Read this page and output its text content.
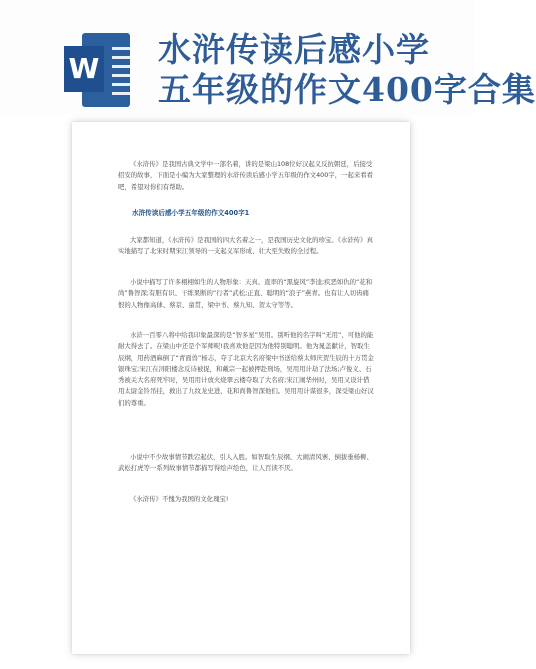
W 水浒传读后感小学
五年级的作文400字合集

《水浒传》是我国古典文学中一部名着，讲的是梁山108位好汉起义反抗朝廷，后接受招安的故事，下面是小编为大家整理的水浒传读后感小学五年级的作文400字，一起来看看吧，希望对你们有帮助。

水浒传读后感小学五年级的作文400字1

大家都知道，《水浒传》是我国的四大名着之一，是我国历史文化的珍宝。《水浒传》真实地描写了北宋时期宋江领导的一支起义军形成、壮大至失败的全过程。

小说中描写了许多栩栩如生的人物形象：天真、直率的“黑旋风”李逵;疾恶如仇的“花和尚”鲁智深;有胆有识、干练果断的“行者”武松;正直、聪明的“浪子”燕青。也有让人切齿痛恨的人物像高俅、蔡京、童贯、梁中书、蔡九知、贺太守等等。

水浒一百零八将中给我印象最深的是“智多星”吴用。别听他的名字叫“无用”，可他的能耐大得去了。在梁山中还是个军师呢!我喜欢他是因为他特别聪明。他为晁盖献计，智取生辰纲，用药酒麻倒了“青面兽”杨志，夺了北京大名府梁中书送给蔡太师庆贺生辰的十万贯金银珠宝;宋江在浔阳楼念反诗被捉，和戴宗一起被押赴刑场，吴用用计劫了法场;卢俊义、石秀被关大名府死牢时，吴用用计放火烧翠云楼夺取了大名府;宋江闹华州时，吴用又设计借用太尉金铃吊挂，救出了九纹龙史进、花和尚鲁智深他们。吴用用计谋很多，深受梁山好汉们的尊重。

小说中不少故事情节跌宕起伏，引人入胜。如智取生辰纲、大闹清风寨、倒拔垂杨柳、武松打虎等一系列故事情节都描写得绘声绘色，让人百读不厌。

《水浒传》不愧为我国的文化瑰宝!
